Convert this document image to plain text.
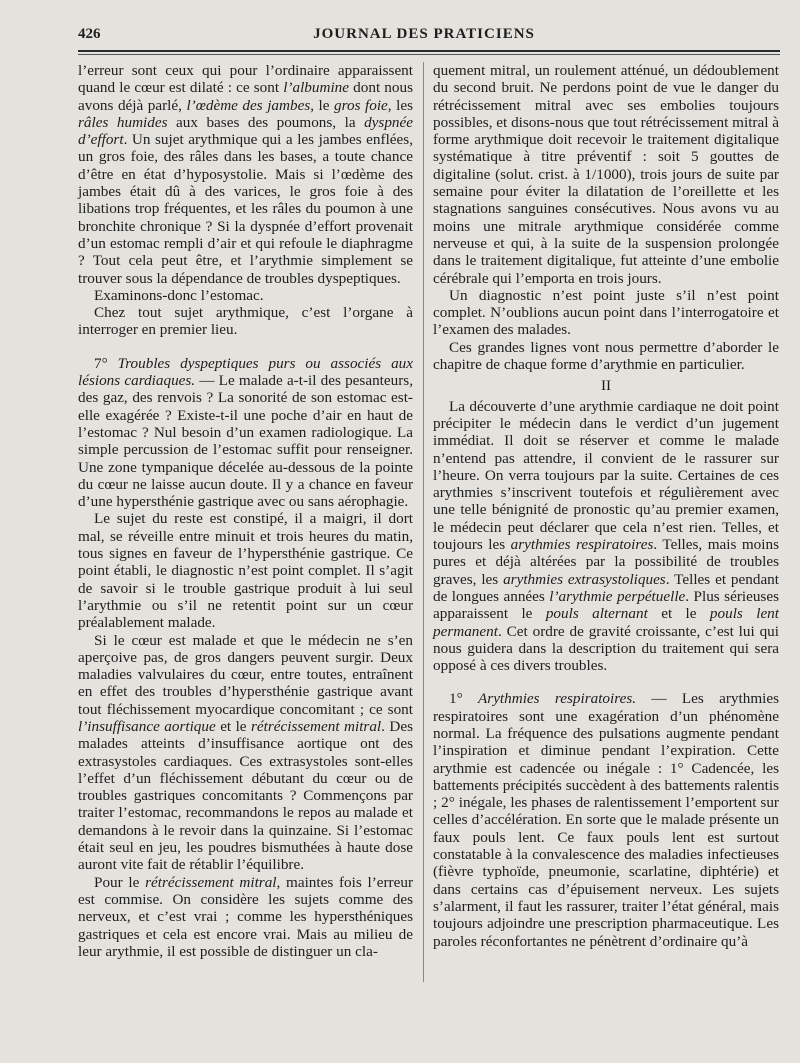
426	JOURNAL DES PRATICIENS

l’erreur sont ceux qui pour l’ordinaire apparaissent quand le cœur est dilaté : ce sont l’albumine dont nous avons déjà parlé, l’œdème des jambes, le gros foie, les râles humides aux bases des poumons, la dyspnée d’effort. Un sujet arythmique qui a les jambes enflées, un gros foie, des râles dans les bases, a toute chance d’être en état d’hyposystolie. Mais si l’œdème des jambes était dû à des varices, le gros foie à des libations trop fréquentes, et les râles du poumon à une bronchite chronique ? Si la dyspnée d’effort provenait d’un estomac rempli d’air et qui refoule le diaphragme ? Tout cela peut être, et l’arythmie simplement se trouver sous la dépendance de troubles dyspeptiques.

Examinons-donc l’estomac.

Chez tout sujet arythmique, c’est l’organe à interroger en premier lieu.

7° Troubles dyspeptiques purs ou associés aux lésions cardiaques. — Le malade a-t-il des pesanteurs, des gaz, des renvois ? La sonorité de son estomac est-elle exagérée ? Existe-t-il une poche d’air en haut de l’estomac ? Nul besoin d’un examen radiologique. La simple percussion de l’estomac suffit pour renseigner. Une zone tympanique décelée au-dessous de la pointe du cœur ne laisse aucun doute. Il y a chance en faveur d’une hypersthénie gastrique avec ou sans aérophagie.

Le sujet du reste est constipé, il a maigri, il dort mal, se réveille entre minuit et trois heures du matin, tous signes en faveur de l’hypersthénie gastrique. Ce point établi, le diagnostic n’est point complet. Il s’agit de savoir si le trouble gastrique produit à lui seul l’arythmie ou s’il ne retentit point sur un cœur préalablement malade.

Si le cœur est malade et que le médecin ne s’en aperçoive pas, de gros dangers peuvent surgir. Deux maladies valvulaires du cœur, entre toutes, entraînent en effet des troubles d’hypersthénie gastrique avant tout fléchissement myocardique concomitant ; ce sont l’insuffisance aortique et le rétrécissement mitral. Des malades atteints d’insuffisance aortique ont des extrasystoles cardiaques. Ces extrasystoles sont-elles l’effet d’un fléchissement débutant du cœur ou de troubles gastriques concomitants ? Commençons par traiter l’estomac, recommandons le repos au malade et demandons à le revoir dans la quinzaine. Si l’estomac était seul en jeu, les poudres bismuthées à haute dose auront vite fait de rétablir l’équilibre.

Pour le rétrécissement mitral, maintes fois l’erreur est commise. On considère les sujets comme des nerveux, et c’est vrai ; comme les hypersthéniques gastriques et cela est encore vrai. Mais au milieu de leur arythmie, il est possible de distinguer un cla-

quement mitral, un roulement atténué, un dédoublement du second bruit. Ne perdons point de vue le danger du rétrécissement mitral avec ses embolies toujours possibles, et disons-nous que tout rétrécissement mitral à forme arythmique doit recevoir le traitement digitalique systématique à titre préventif : soit 5 gouttes de digitaline (solut. crist. à 1/1000), trois jours de suite par semaine pour éviter la dilatation de l’oreillette et les stagnations sanguines consécutives. Nous avons vu au moins une mitrale arythmique considérée comme nerveuse et qui, à la suite de la suspension prolongée dans le traitement digitalique, fut atteinte d’une embolie cérébrale qui l’emporta en trois jours.

Un diagnostic n’est point juste s’il n’est point complet. N’oublions aucun point dans l’interrogatoire et l’examen des malades.

Ces grandes lignes vont nous permettre d’aborder le chapitre de chaque forme d’arythmie en particulier.

II

La découverte d’une arythmie cardiaque ne doit point précipiter le médecin dans le verdict d’un jugement immédiat. Il doit se réserver et comme le malade n’entend pas attendre, il convient de le rassurer sur l’heure. On verra toujours par la suite. Certaines de ces arythmies s’inscrivent toutefois et régulièrement avec une telle bénignité de pronostic qu’au premier examen, le médecin peut déclarer que cela n’est rien. Telles, et toujours les arythmies respiratoires. Telles, mais moins pures et déjà altérées par la possibilité de troubles graves, les arythmies extrasystoliques. Telles et pendant de longues années l’arythmie perpétuelle. Plus sérieuses apparaissent le pouls alternant et le pouls lent permanent. Cet ordre de gravité croissante, c’est lui qui nous guidera dans la description du traitement qui sera opposé à ces divers troubles.

1° Arythmies respiratoires. — Les arythmies respiratoires sont une exagération d’un phénomène normal. La fréquence des pulsations augmente pendant l’inspiration et diminue pendant l’expiration. Cette arythmie est cadencée ou inégale : 1° Cadencée, les battements précipités succèdent à des battements ralentis ; 2° inégale, les phases de ralentissement l’emportent sur celles d’accélération. En sorte que le malade présente un faux pouls lent. Ce faux pouls lent est surtout constatable à la convalescence des maladies infectieuses (fièvre typhoïde, pneumonie, scarlatine, diphtérie) et dans certains cas d’épuisement nerveux. Les sujets s’alarment, il faut les rassurer, traiter l’état général, mais toujours adjoindre une prescription pharmaceutique. Les paroles réconfortantes ne pénètrent d’ordinaire qu’à
